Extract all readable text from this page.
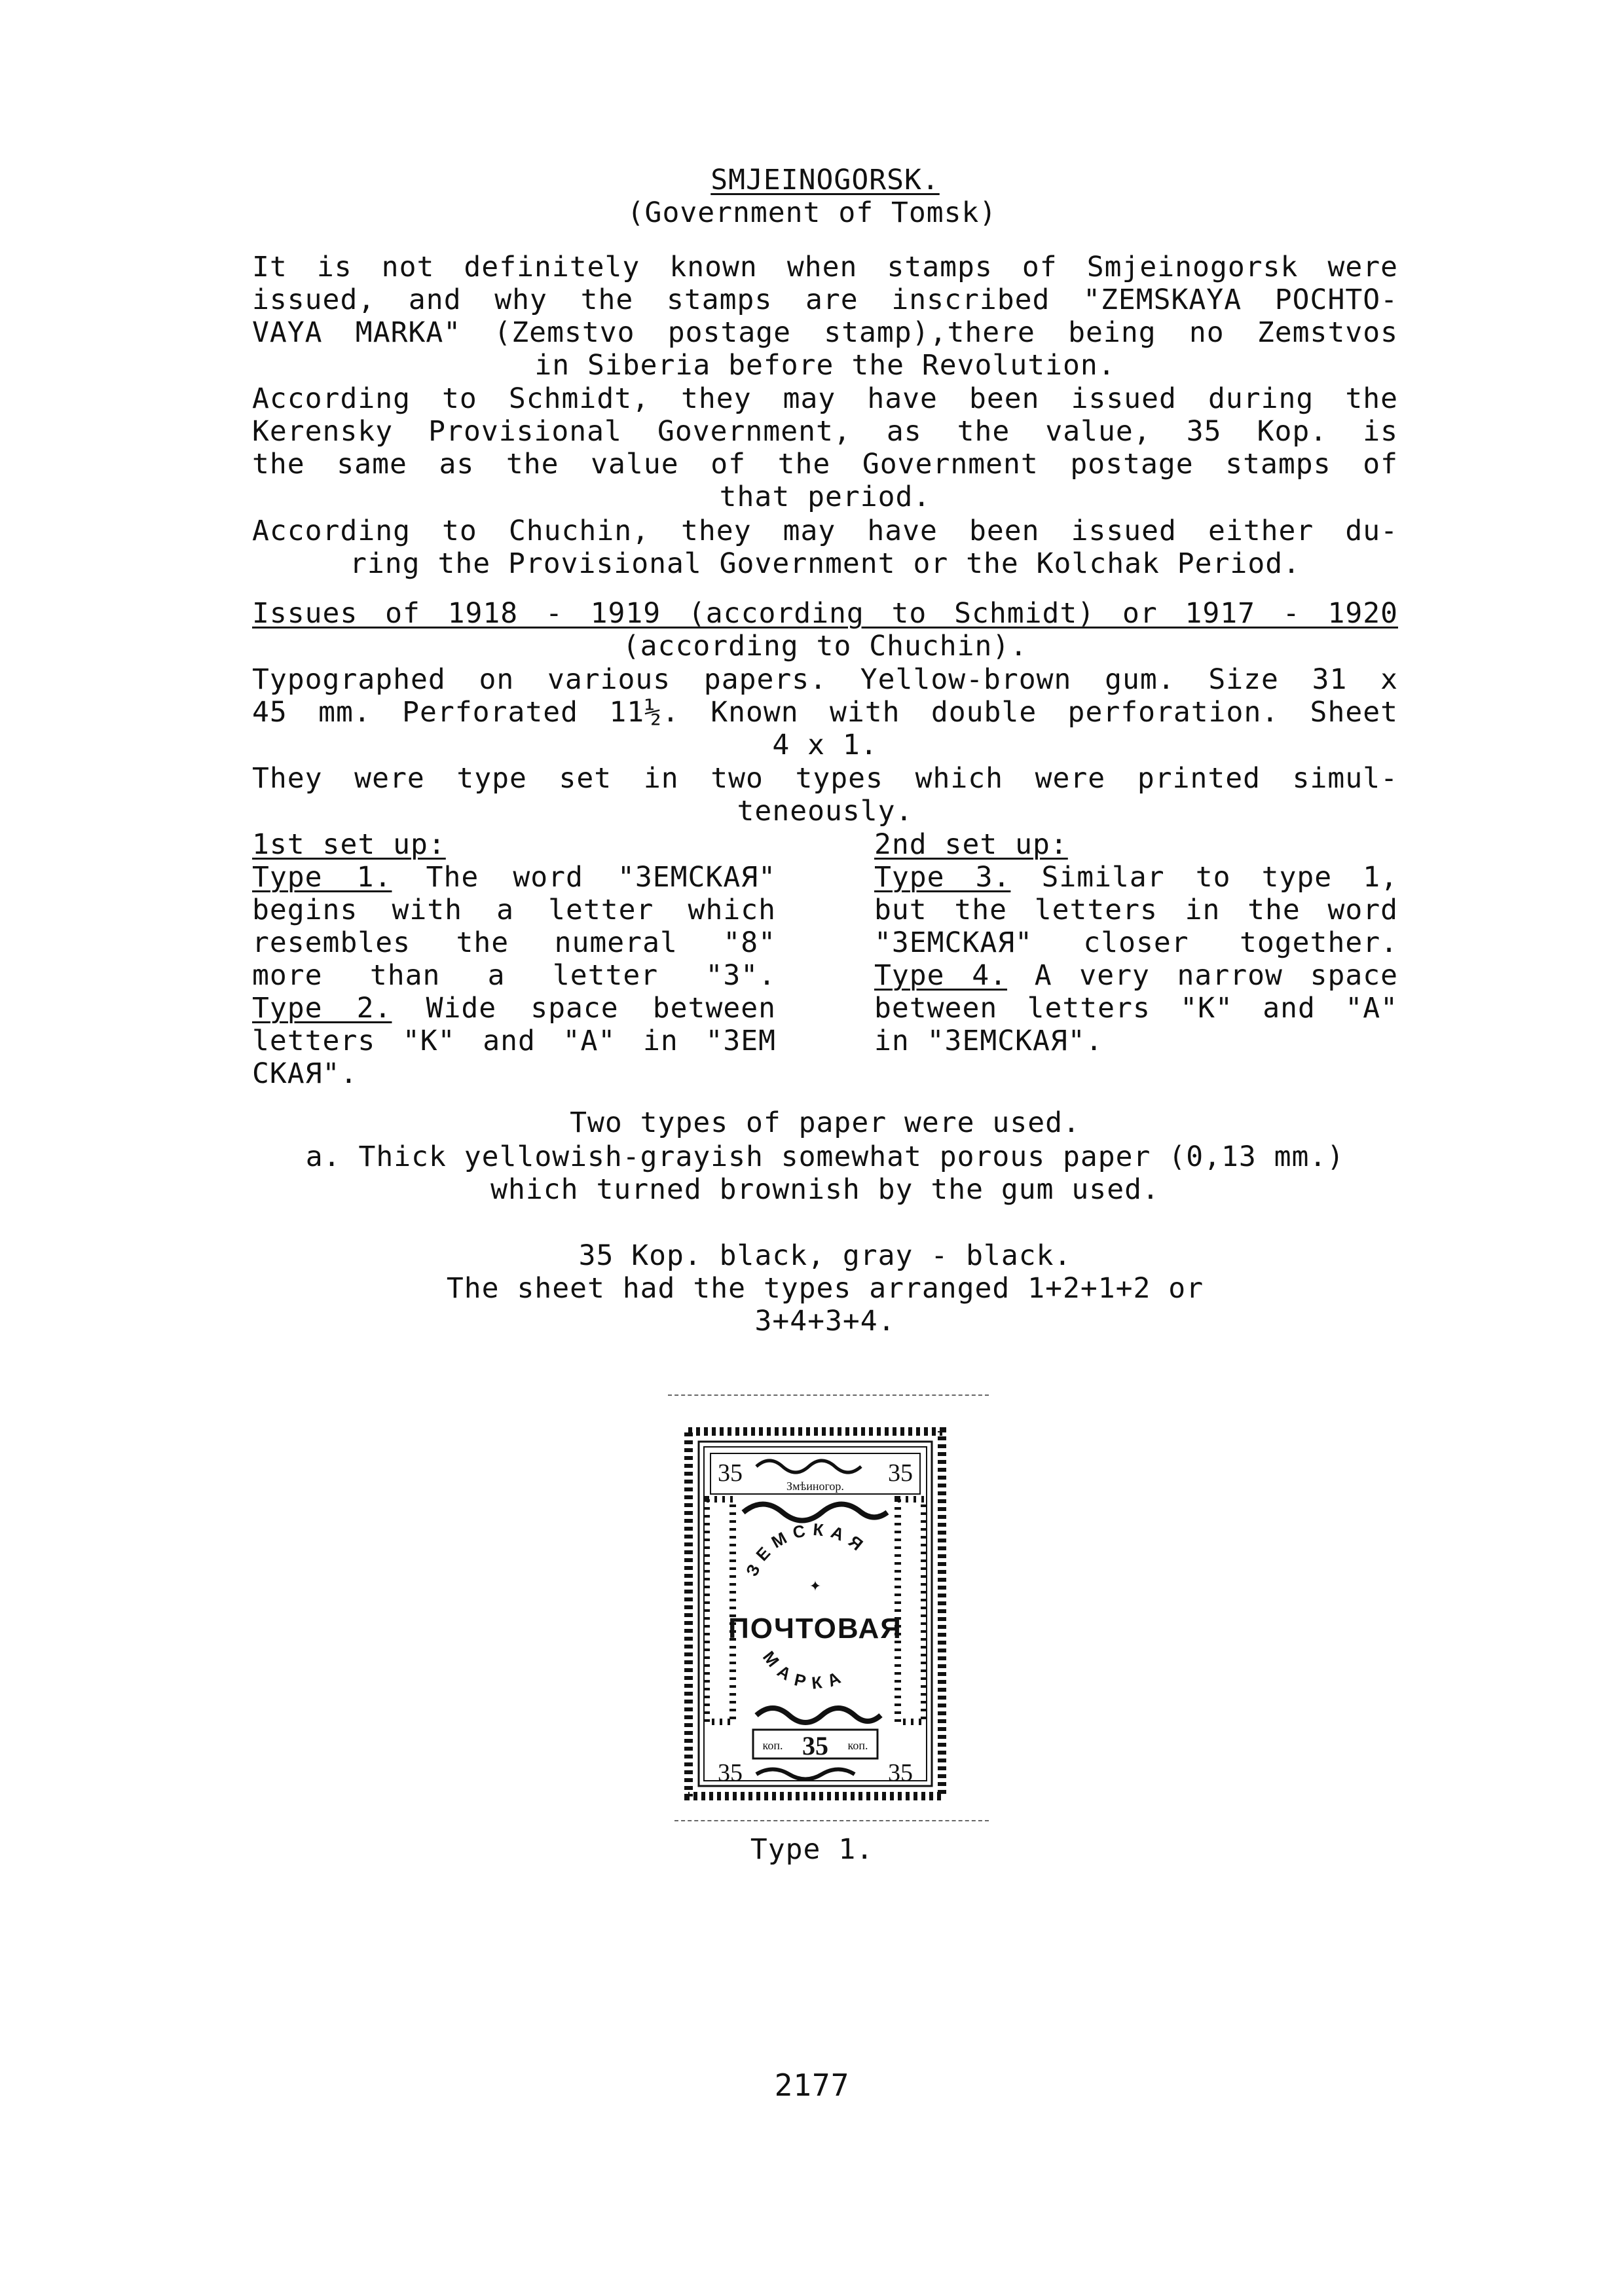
SMJEINOGORSK.
(Government of Tomsk)
It is not definitely known when stamps of Smjeinogorsk were
issued, and why the stamps are inscribed "ZEMSKAYA POCHTO-
VAYA MARKA" (Zemstvo postage stamp),there being no Zemstvos
in Siberia before the Revolution.
According to Schmidt, they may have been issued during the
Kerensky Provisional Government, as the value, 35 Kop. is
the same as the value of the Government postage stamps of
that period.
According to Chuchin, they may have been issued either du-
ring the Provisional Government or the Kolchak Period.
Issues of 1918 - 1919 (according to Schmidt) or 1917 - 1920
(according to Chuchin).
Typographed on various papers. Yellow-brown gum. Size 31 x
45 mm. Perforated 11½. Known with double perforation. Sheet
4 x 1.
They were type set in two types which were printed simul-
teneously.
1st set up:
Type 1. The word "ЗЕМСКАЯ"
begins with a letter which
resembles the numeral "8"
more than a letter "3".
Type 2. Wide space between
letters "K" and "A" in "ЗЕМ
СКАЯ".
2nd set up:
Type 3. Similar to type 1,
but the letters in the word
"ЗЕМСКАЯ" closer together.
Type 4. A very narrow space
between letters "K" and "A"
in "ЗЕМСКАЯ".
Two types of paper were used.
a. Thick yellowish-grayish somewhat porous paper (0,13 mm.)
which turned brownish by the gum used.
35 Kop. black, gray - black.
The sheet had the types arranged 1+2+1+2 or
3+4+3+4.
35	35
Змѣиногор.
ЗЕМСКАЯ
✦
ПОЧТОВАЯ
МАРКА
коп. 35 коп.
35	35
Type 1.
2177
